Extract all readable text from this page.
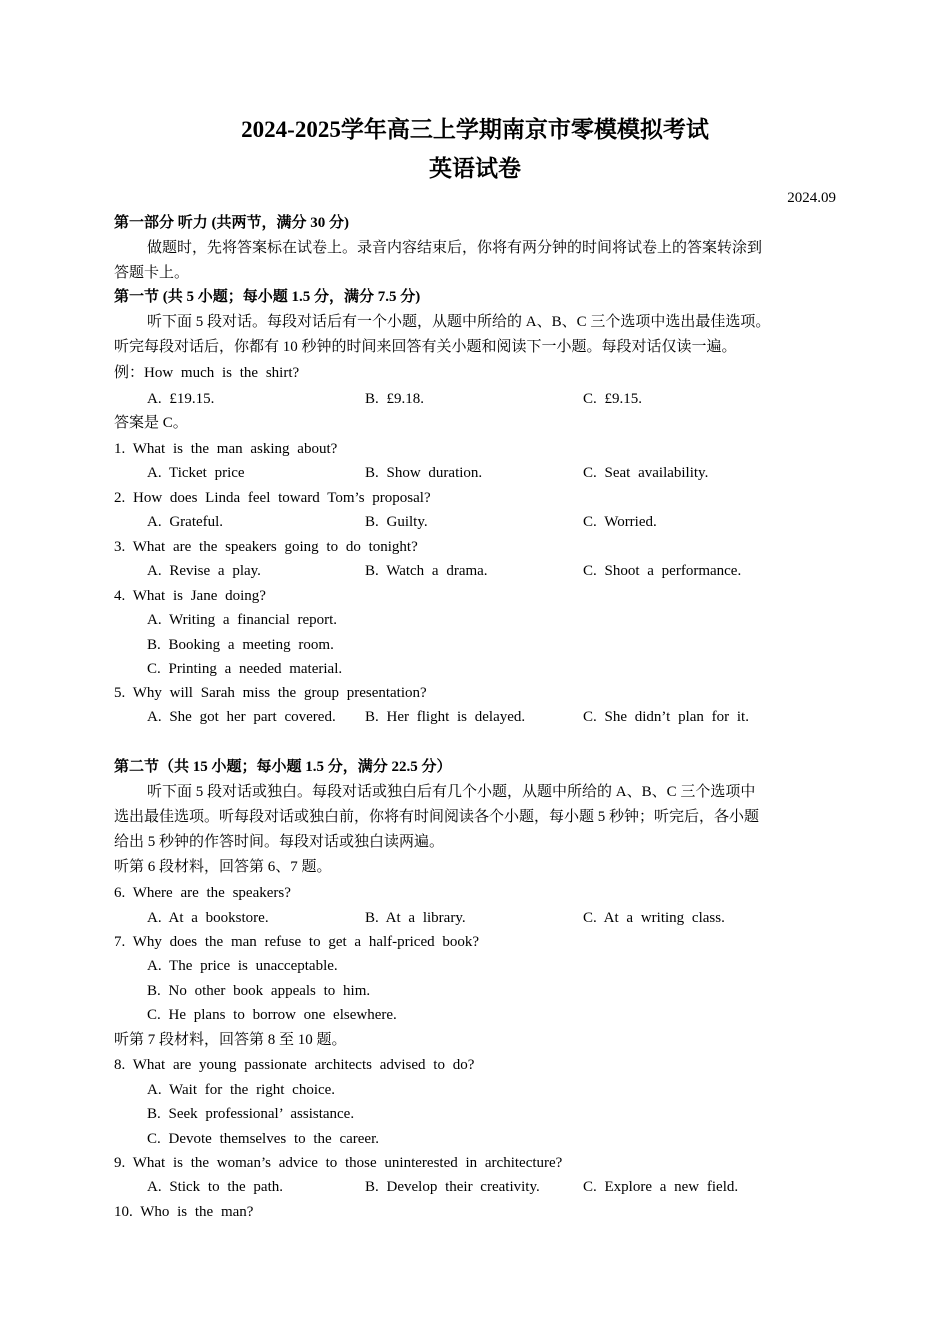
2024-2025学年高三上学期南京市零模模拟考试
英语试卷
2024.09
第一部分 听力 (共两节，满分 30 分)
做题时，先将答案标在试卷上。录音内容结束后，你将有两分钟的时间将试卷上的答案转涂到
答题卡上。
第一节 (共 5 小题；每小题 1.5 分，满分 7.5 分)
听下面 5 段对话。每段对话后有一个小题，从题中所给的 A、B、C 三个选项中选出最佳选项。
听完每段对话后，你都有 10 秒钟的时间来回答有关小题和阅读下一小题。每段对话仅读一遍。
例：How much is the shirt?
A. £19.15.	B. £9.18.	C. £9.15.
答案是 C。
1. What is the man asking about?
A. Ticket price	B. Show duration.	C. Seat availability.
2. How does Linda feel toward Tom’s proposal?
A. Grateful.	B. Guilty.	C. Worried.
3. What are the speakers going to do tonight?
A. Revise a play.	B. Watch a drama.	C. Shoot a performance.
4. What is Jane doing?
A. Writing a financial report.
B. Booking a meeting room.
C. Printing a needed material.
5. Why will Sarah miss the group presentation?
A. She got her part covered. B. Her flight is delayed.	C. She didn’t plan for it.
第二节（共 15 小题；每小题 1.5 分，满分 22.5 分）
听下面 5 段对话或独白。每段对话或独白后有几个小题，从题中所给的 A、B、C 三个选项中
选出最佳选项。听每段对话或独白前，你将有时间阅读各个小题，每小题 5 秒钟；听完后，各小题
给出 5 秒钟的作答时间。每段对话或独白读两遍。
听第 6 段材料，回答第 6、7 题。
6. Where are the speakers?
A. At a bookstore.	B. At a library.	C. At a writing class.
7. Why does the man refuse to get a half-priced book?
A. The price is unacceptable.
B. No other book appeals to him.
C. He plans to borrow one elsewhere.
听第 7 段材料，回答第 8 至 10 题。
8. What are young passionate architects advised to do?
A. Wait for the right choice.
B. Seek professional’ assistance.
C. Devote themselves to the career.
9. What is the woman’s advice to those uninterested in architecture?
A. Stick to the path.	B. Develop their creativity.	C. Explore a new field.
10. Who is the man?
